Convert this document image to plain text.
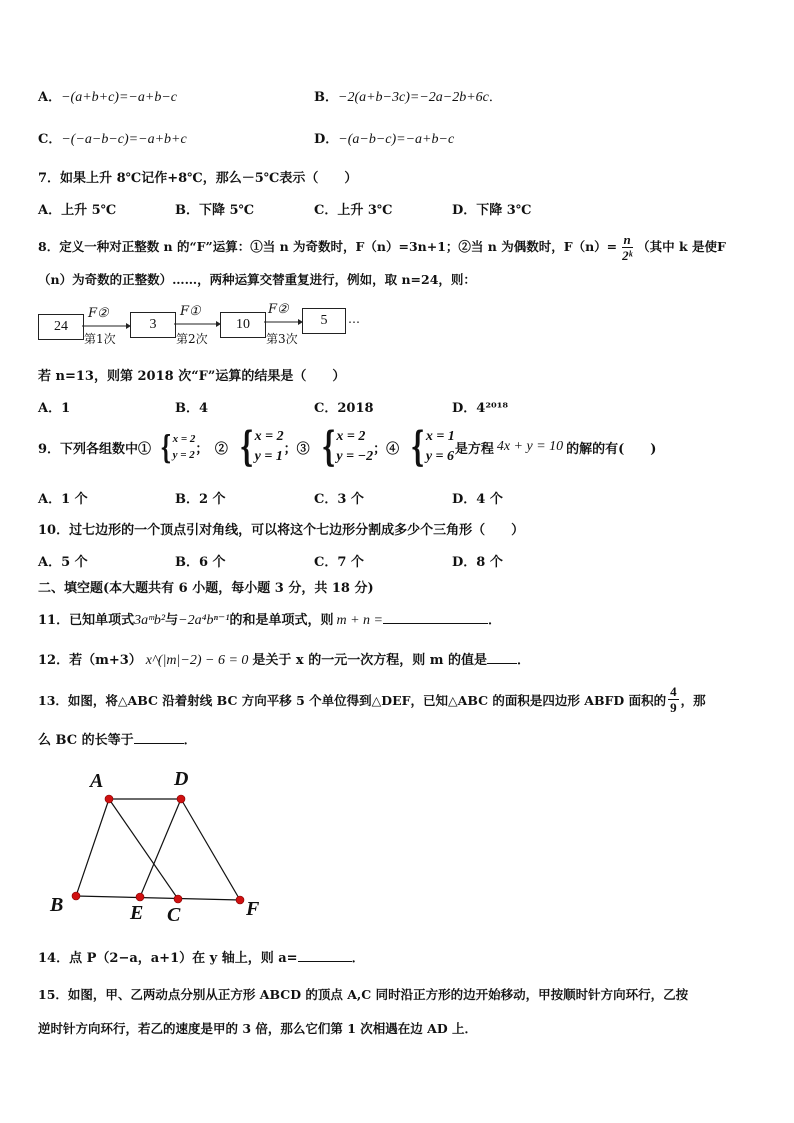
A．−(a+b+c)=−a+b−c	B．−2(a+b−3c)=−2a−2b+6c．
C．−(−a−b−c)=−a+b+c	D．−(a−b−c)=−a+b−c
7．如果上升 8℃记作+8℃，那么－5℃表示（　　）
A．上升 5℃	B．下降 5℃	C．上升 3℃	D．下降 3℃
8．定义一种对正整数 n 的“F”运算：①当 n 为奇数时，F（n）=3n+1；②当 n 为偶数时，$F(n)= \frac{n}{\text{2ᵏ}}$ （其中 k 是使F
（n）为奇数的正整数）……，两种运算交替重复进行，例如，取 n=24，则：
24	3	10	5
F②
第1次
F①
第2次
F②
第3次
…
若 n=13，则第 2018 次“F”运算的结果是（　　）
A．1	B．4	C．2018	D．4²⁰¹⁸
9．下列各组数中① { x = 2
y = 2 ；　② { x = 2
y = 1 ；③ { x = 2
y = −2 ；④ { x = 1
y = 6 是方程 4x + y = 10 的解的有(　　)
A．1 个	B．2 个	C．3 个	D．4 个
10．过七边形的一个顶点引对角线，可以将这个七边形分割成多少个三角形（　　）
A．5 个	B．6 个	C．7 个	D．8 个
二、填空题(本大题共有 6 小题，每小题 3 分，共 18 分)
11．已知单项式3aᵐb²与−2a⁴bⁿ⁻¹的和是单项式，则 m + n =	．
12．若（m+3） x^(|m|−2) − 6 = 0 是关于 x 的一元一次方程，则 m 的值是 ．
13．如图，将△ABC 沿着射线 BC 方向平移 5 个单位得到△DEF，已知△ABC 的面积是四边形 ABFD 面积的 $\frac{4}{9}$ ，那
么 BC 的长等于	．
A	D
B	E C	F
14．点 P（2−a，a+1）在 y 轴上，则 a=	．
15．如图，甲、乙两动点分别从正方形 ABCD 的顶点 A,C 同时沿正方形的边开始移动，甲按顺时针方向环行，乙按
逆时针方向环行，若乙的速度是甲的 3 倍，那么它们第 1 次相遇在边 AD 上．
